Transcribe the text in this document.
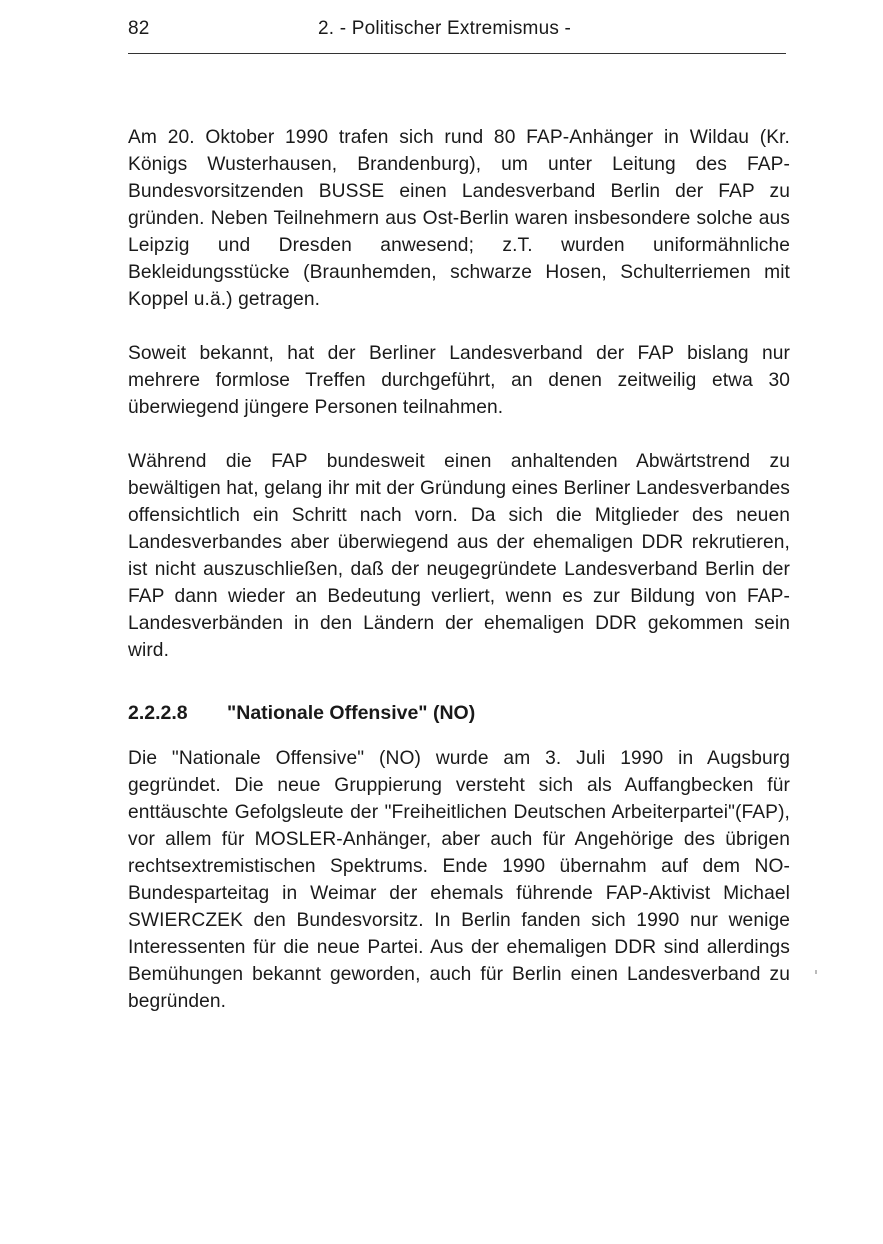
82	2. - Politischer Extremismus -

Am 20. Oktober 1990 trafen sich rund 80 FAP-Anhänger in Wildau (Kr. Königs Wusterhausen, Brandenburg), um unter Leitung des FAP-Bundesvorsitzenden BUSSE einen Landesverband Berlin der FAP zu gründen. Neben Teilnehmern aus Ost-Berlin waren insbesondere solche aus Leipzig und Dresden anwesend; z.T. wurden uniformähnliche Bekleidungsstücke (Braunhemden, schwarze Hosen, Schulterriemen mit Koppel u.ä.) getragen.

Soweit bekannt, hat der Berliner Landesverband der FAP bislang nur mehrere formlose Treffen durchgeführt, an denen zeitweilig etwa 30 überwiegend jüngere Personen teilnahmen.

Während die FAP bundesweit einen anhaltenden Abwärtstrend zu bewältigen hat, gelang ihr mit der Gründung eines Berliner Landesverbandes offensichtlich ein Schritt nach vorn. Da sich die Mitglieder des neuen Landesverbandes aber überwiegend aus der ehemaligen DDR rekrutieren, ist nicht auszuschließen, daß der neugegründete Landesverband Berlin der FAP dann wieder an Bedeutung verliert, wenn es zur Bildung von FAP-Landesverbänden in den Ländern der ehemaligen DDR gekommen sein wird.

2.2.2.8 "Nationale Offensive" (NO)

Die "Nationale Offensive" (NO) wurde am 3. Juli 1990 in Augsburg gegründet. Die neue Gruppierung versteht sich als Auffangbecken für enttäuschte Gefolgsleute der "Freiheitlichen Deutschen Arbeiterpartei"(FAP), vor allem für MOSLER-Anhänger, aber auch für Angehörige des übrigen rechtsextremistischen Spektrums. Ende 1990 übernahm auf dem NO-Bundesparteitag in Weimar der ehemals führende FAP-Aktivist Michael SWIERCZEK den Bundesvorsitz. In Berlin fanden sich 1990 nur wenige Interessenten für die neue Partei. Aus der ehemaligen DDR sind allerdings Bemühungen bekannt geworden, auch für Berlin einen Landesverband zu begründen.
